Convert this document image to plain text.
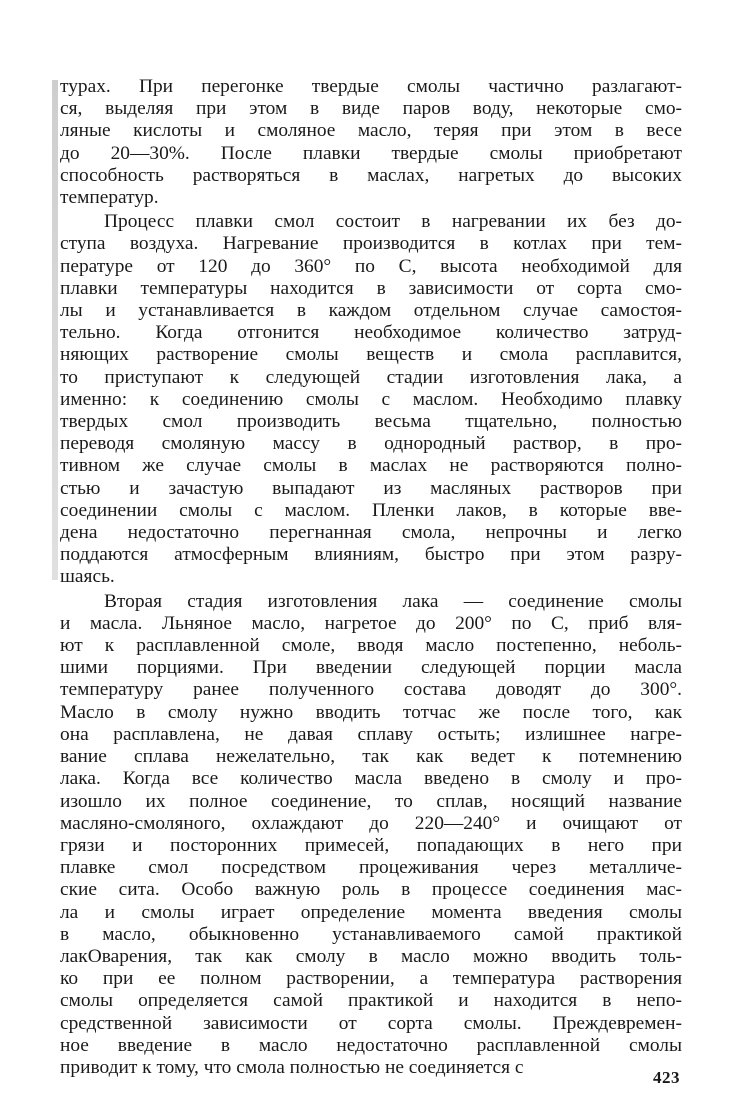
турах. При перегонке твердые смолы частично разлагают-
ся, выделяя при этом в виде паров воду, некоторые смо-
ляные кислоты и смоляное масло, теряя при этом в весе
до 20—30%. После плавки твердые смолы приобретают
способность растворяться в маслах, нагретых до высоких
температур.
Процесс плавки смол состоит в нагревании их без до-
ступа воздуха. Нагревание производится в котлах при тем-
пературе от 120 до 360° по С, высота необходимой для
плавки температуры находится в зависимости от сорта смо-
лы и устанавливается в каждом отдельном случае самостоя-
тельно. Когда отгонится необходимое количество затруд-
няющих растворение смолы веществ и смола расплавится,
то приступают к следующей стадии изготовления лака, а
именно: к соединению смолы с маслом. Необходимо плавку
твердых смол производить весьма тщательно, полностью
переводя смоляную массу в однородный раствор, в про-
тивном же случае смолы в маслах не растворяются полно-
стью и зачастую выпадают из масляных растворов при
соединении смолы с маслом. Пленки лаков, в которые вве-
дена недостаточно перегнанная смола, непрочны и легко
поддаются атмосферным влияниям, быстро при этом разру-
шаясь.
Вторая стадия изготовления лака — соединение смолы
и масла. Льняное масло, нагретое до 200° по С, приб вля-
ют к расплавленной смоле, вводя масло постепенно, неболь-
шими порциями. При введении следующей порции масла
температуру ранее полученного состава доводят до 300°.
Масло в смолу нужно вводить тотчас же после того, как
она расплавлена, не давая сплаву остыть; излишнее нагре-
вание сплава нежелательно, так как ведет к потемнению
лака. Когда все количество масла введено в смолу и про-
изошло их полное соединение, то сплав, носящий название
масляно-смоляного, охлаждают до 220—240° и очищают от
грязи и посторонних примесей, попадающих в него при
плавке смол посредством процеживания через металличе-
ские сита. Особо важную роль в процессе соединения мас-
ла и смолы играет определение момента введения смолы
в масло, обыкновенно устанавливаемого самой практикой
лакОварения, так как смолу в масло можно вводить толь-
ко при ее полном растворении, а температура растворения
смолы определяется самой практикой и находится в непо-
средственной зависимости от сорта смолы. Преждевремен-
ное введение в масло недостаточно расплавленной смолы
приводит к тому, что смола полностью не соединяется с	423
